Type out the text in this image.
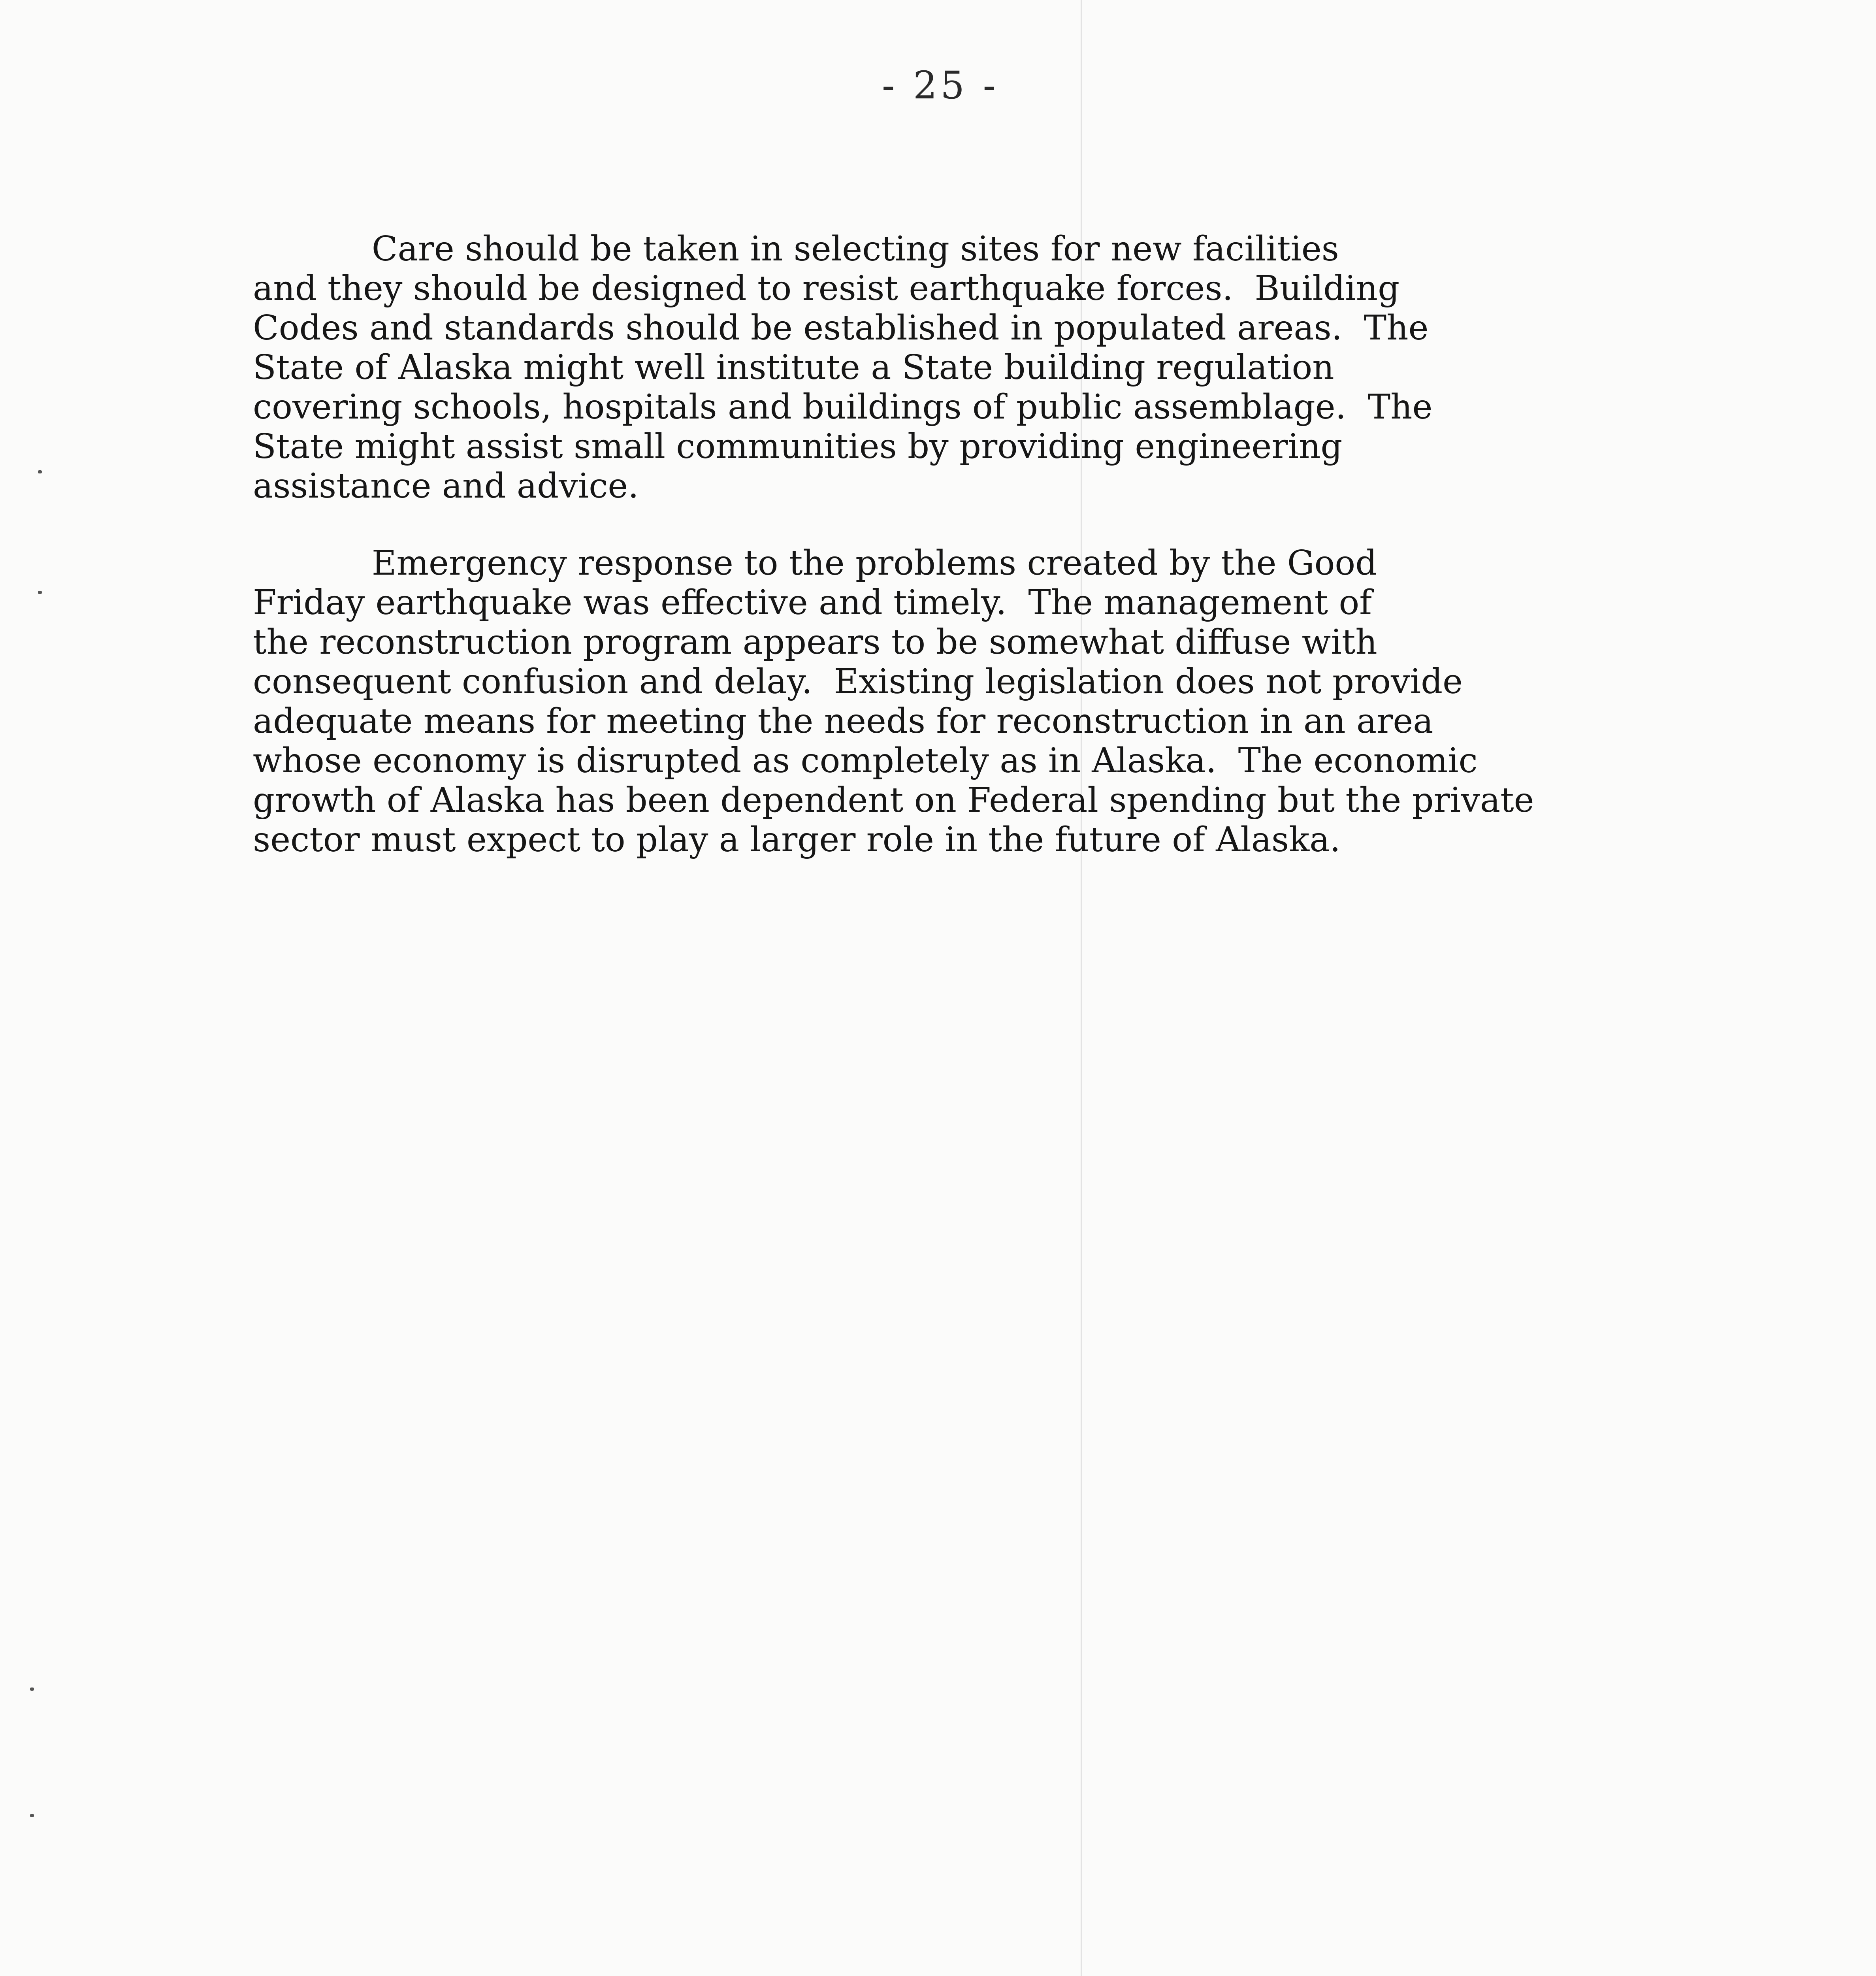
- 25 -

Care should be taken in selecting sites for new facilities
and they should be designed to resist earthquake forces.  Building
Codes and standards should be established in populated areas.  The
State of Alaska might well institute a State building regulation
covering schools, hospitals and buildings of public assemblage.  The
State might assist small communities by providing engineering
assistance and advice.

Emergency response to the problems created by the Good
Friday earthquake was effective and timely.  The management of
the reconstruction program appears to be somewhat diffuse with
consequent confusion and delay.  Existing legislation does not provide
adequate means for meeting the needs for reconstruction in an area
whose economy is disrupted as completely as in Alaska.  The economic
growth of Alaska has been dependent on Federal spending but the private
sector must expect to play a larger role in the future of Alaska.
